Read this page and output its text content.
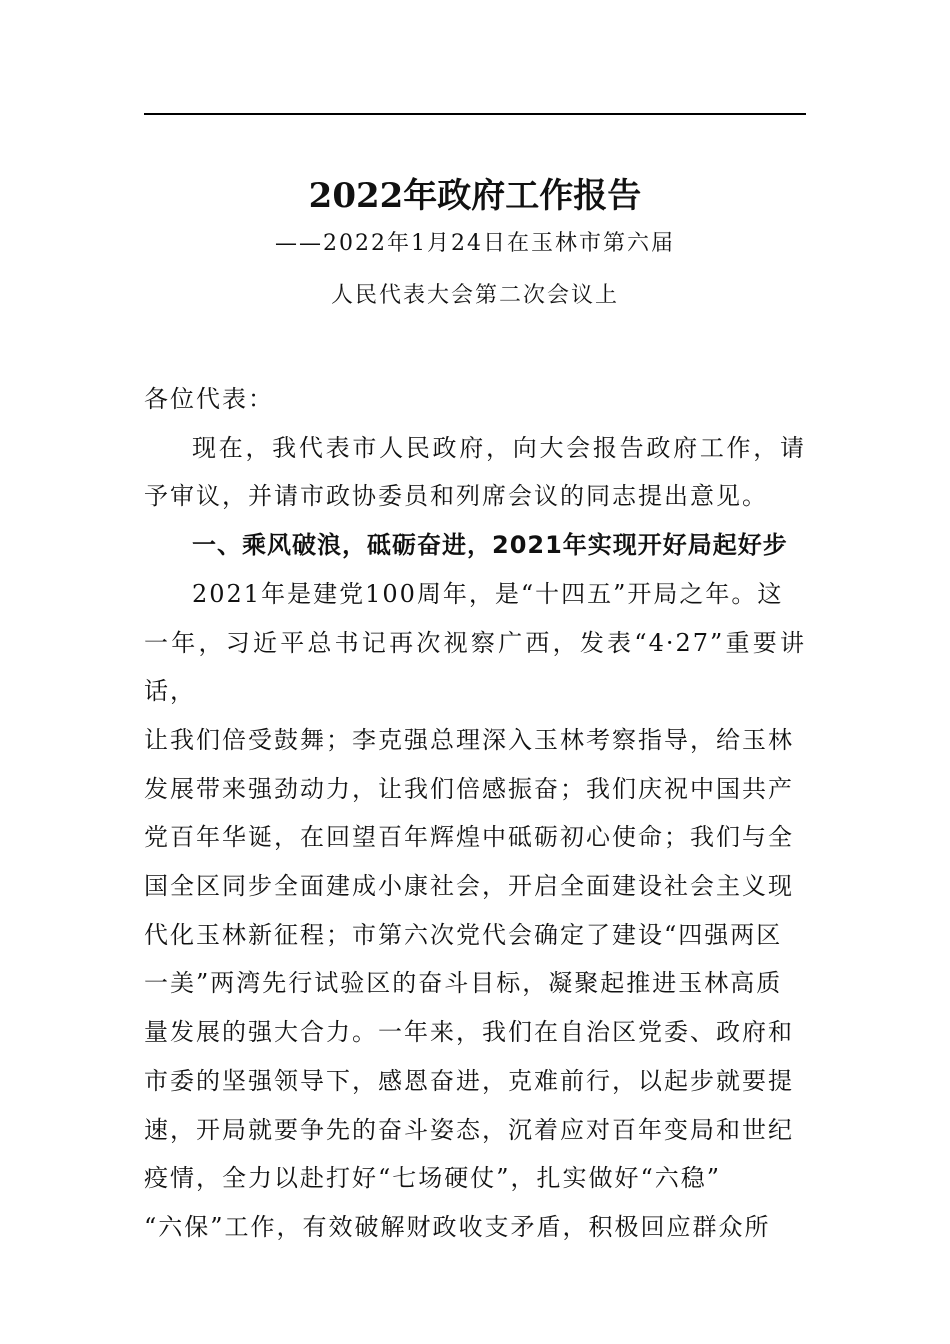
2022年政府工作报告
——2022年1月24日在玉林市第六届
人民代表大会第二次会议上

各位代表：

现在，我代表市人民政府，向大会报告政府工作，请予审议，并请市政协委员和列席会议的同志提出意见。

一、乘风破浪，砥砺奋进，2021年实现开好局起好步

2021年是建党100周年，是“十四五”开局之年。这

一年，习近平总书记再次视察广西，发表“4·27”重要讲话，

让我们倍受鼓舞；李克强总理深入玉林考察指导，给玉林

发展带来强劲动力，让我们倍感振奋；我们庆祝中国共产

党百年华诞，在回望百年辉煌中砥砺初心使命；我们与全

国全区同步全面建成小康社会，开启全面建设社会主义现

代化玉林新征程；市第六次党代会确定了建设“四强两区

一美”两湾先行试验区的奋斗目标，凝聚起推进玉林高质

量发展的强大合力。一年来，我们在自治区党委、政府和

市委的坚强领导下，感恩奋进，克难前行，以起步就要提

速，开局就要争先的奋斗姿态，沉着应对百年变局和世纪

疫情，全力以赴打好“七场硬仗”，扎实做好“六稳”

“六保”工作，有效破解财政收支矛盾，积极回应群众所
